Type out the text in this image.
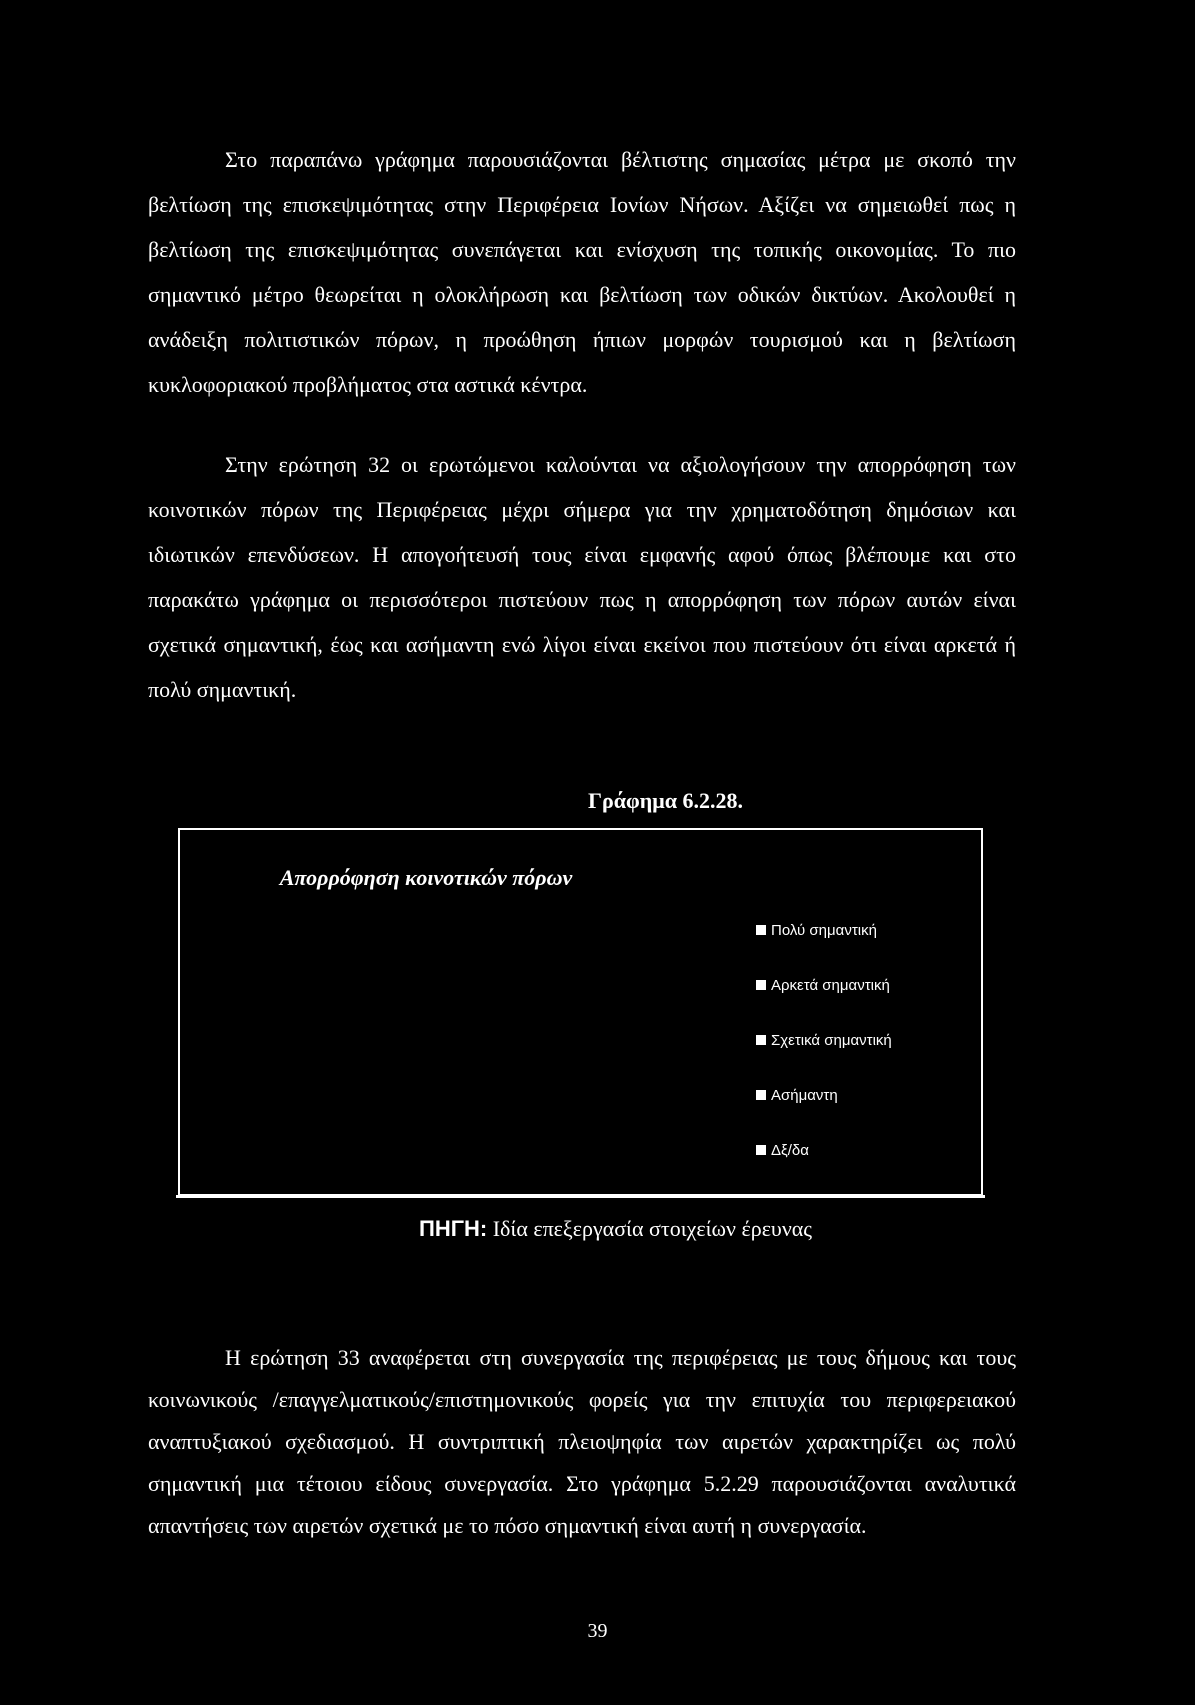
Στο παραπάνω γράφημα παρουσιάζονται βέλτιστης σημασίας μέτρα με σκοπό την βελτίωση της επισκεψιμότητας στην Περιφέρεια Ιονίων Νήσων. Αξίζει να σημειωθεί πως η βελτίωση της επισκεψιμότητας συνεπάγεται και ενίσχυση της τοπικής οικονομίας. Το πιο σημαντικό μέτρο θεωρείται η ολοκλήρωση και βελτίωση των οδικών δικτύων. Ακολουθεί η ανάδειξη πολιτιστικών πόρων, η προώθηση ήπιων μορφών τουρισμού και η βελτίωση κυκλοφοριακού προβλήματος στα αστικά κέντρα.

Στην ερώτηση 32 οι ερωτώμενοι καλούνται να αξιολογήσουν την απορρόφηση των κοινοτικών πόρων της Περιφέρειας μέχρι σήμερα για την χρηματοδότηση δημόσιων και ιδιωτικών επενδύσεων. Η απογοήτευσή τους είναι εμφανής αφού όπως βλέπουμε και στο παρακάτω γράφημα οι περισσότεροι πιστεύουν πως η απορρόφηση των πόρων αυτών είναι σχετικά σημαντική, έως και ασήμαντη ενώ λίγοι είναι εκείνοι που πιστεύουν ότι είναι αρκετά ή πολύ σημαντική.

Γράφημα 6.2.28.
Απορρόφηση κοινοτικών πόρων
Πολύ σημαντική
Αρκετά σημαντική
Σχετικά σημαντική
Ασήμαντη
Δξ/δα
ΠΗΓΗ: Ιδία επεξεργασία στοιχείων έρευνας

Η ερώτηση 33 αναφέρεται στη συνεργασία της περιφέρειας με τους δήμους και τους κοινωνικούς /επαγγελματικούς/επιστημονικούς φορείς για την επιτυχία του περιφερειακού αναπτυξιακού σχεδιασμού. Η συντριπτική πλειοψηφία των αιρετών χαρακτηρίζει ως πολύ σημαντική μια τέτοιου είδους συνεργασία. Στο γράφημα 5.2.29 παρουσιάζονται αναλυτικά απαντήσεις των αιρετών σχετικά με το πόσο σημαντική είναι αυτή η συνεργασία.

39
